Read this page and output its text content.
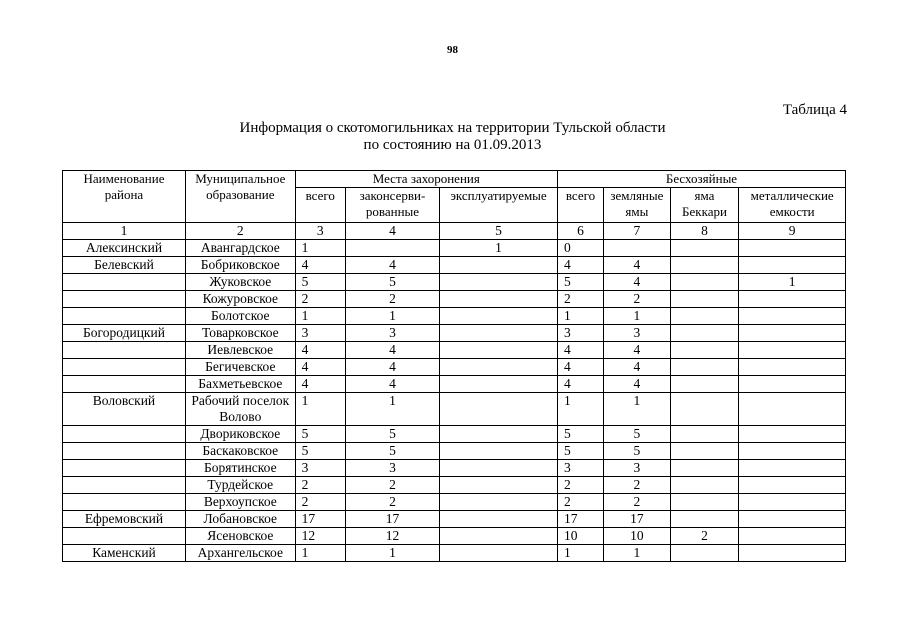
98
Таблица 4
Информация о скотомогильниках на территории Тульской области
по состоянию на 01.09.2013
Наименование района	Муниципальное образование	Места захоронения			Бесхозяйные			
		всего	законсерви-рованные	эксплуатируемые	всего	земляные ямы	яма Беккари	металлические емкости
1	2	3	4	5	6	7	8	9
Алексинский	Авангардское	1		1	0			
Белевский	Бобриковское	4	4		4	4		
	Жуковское	5	5		5	4		1
	Кожуровское	2	2		2	2		
	Болотское	1	1		1	1		
Богородицкий	Товарковское	3	3		3	3		
	Иевлевское	4	4		4	4		
	Бегичевское	4	4		4	4		
	Бахметьевское	4	4		4	4		
Воловский	Рабочий поселок Волово	1	1		1	1		
	Двориковское	5	5		5	5		
	Баскаковское	5	5		5	5		
	Борятинское	3	3		3	3		
	Турдейское	2	2		2	2		
	Верхоупское	2	2		2	2		
Ефремовский	Лобановское	17	17		17	17		
	Ясеновское	12	12		10	10	2	
Каменский	Архангельское	1	1		1	1		
